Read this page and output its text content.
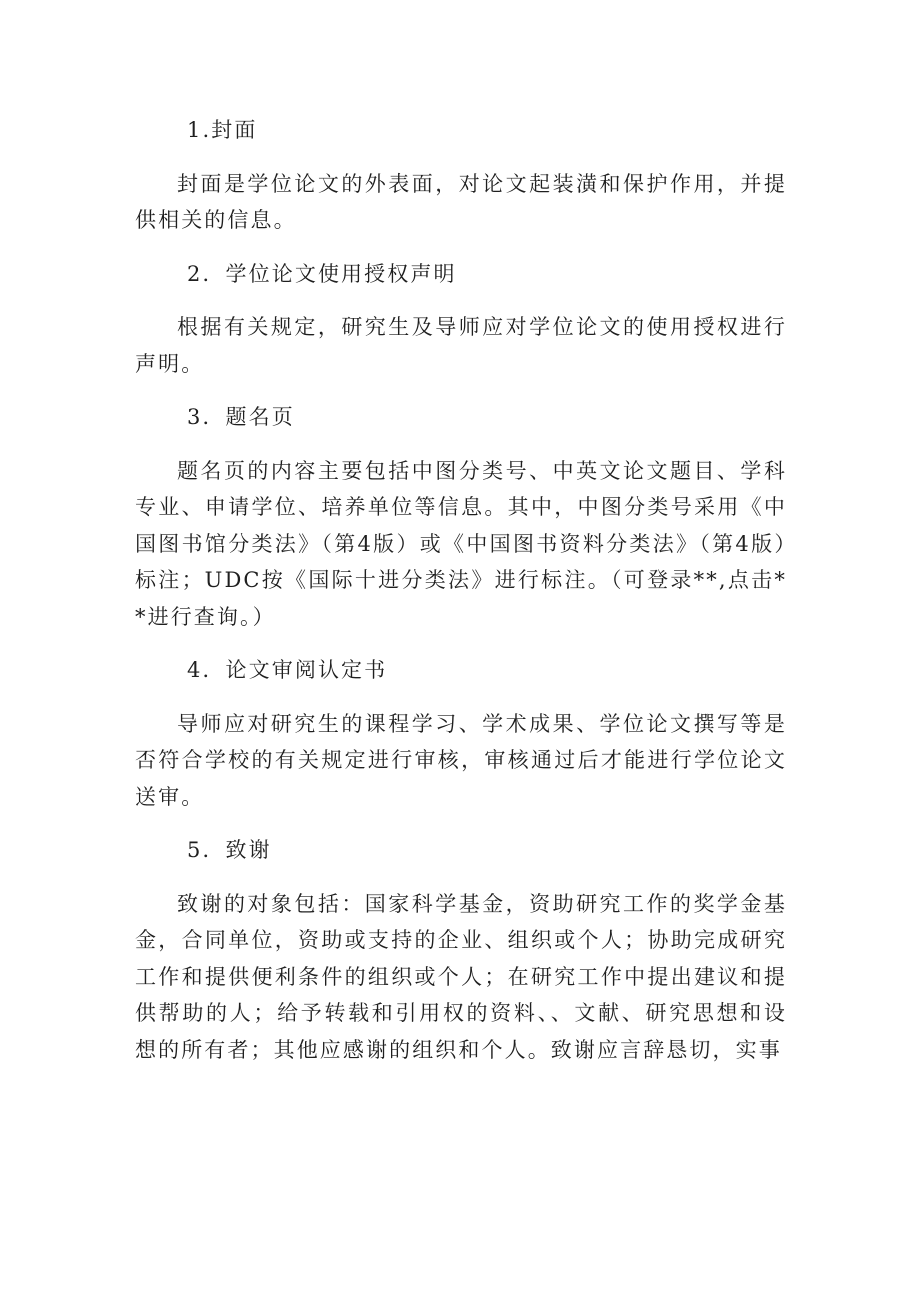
1.封面

封面是学位论文的外表面，对论文起装潢和保护作用，并提供相关的信息。

2．学位论文使用授权声明

根据有关规定，研究生及导师应对学位论文的使用授权进行声明。

3．题名页

题名页的内容主要包括中图分类号、中英文论文题目、学科专业、申请学位、培养单位等信息。其中，中图分类号采用《中国图书馆分类法》（第4版）或《中国图书资料分类法》（第4版）标注；UDC按《国际十进分类法》进行标注。（可登录**,点击**进行查询。）

4．论文审阅认定书

导师应对研究生的课程学习、学术成果、学位论文撰写等是否符合学校的有关规定进行审核，审核通过后才能进行学位论文送审。

5．致谢

致谢的对象包括：国家科学基金，资助研究工作的奖学金基金，合同单位，资助或支持的企业、组织或个人；协助完成研究工作和提供便利条件的组织或个人；在研究工作中提出建议和提供帮助的人；给予转载和引用权的资料、、文献、研究思想和设想的所有者；其他应感谢的组织和个人。致谢应言辞恳切，实事
